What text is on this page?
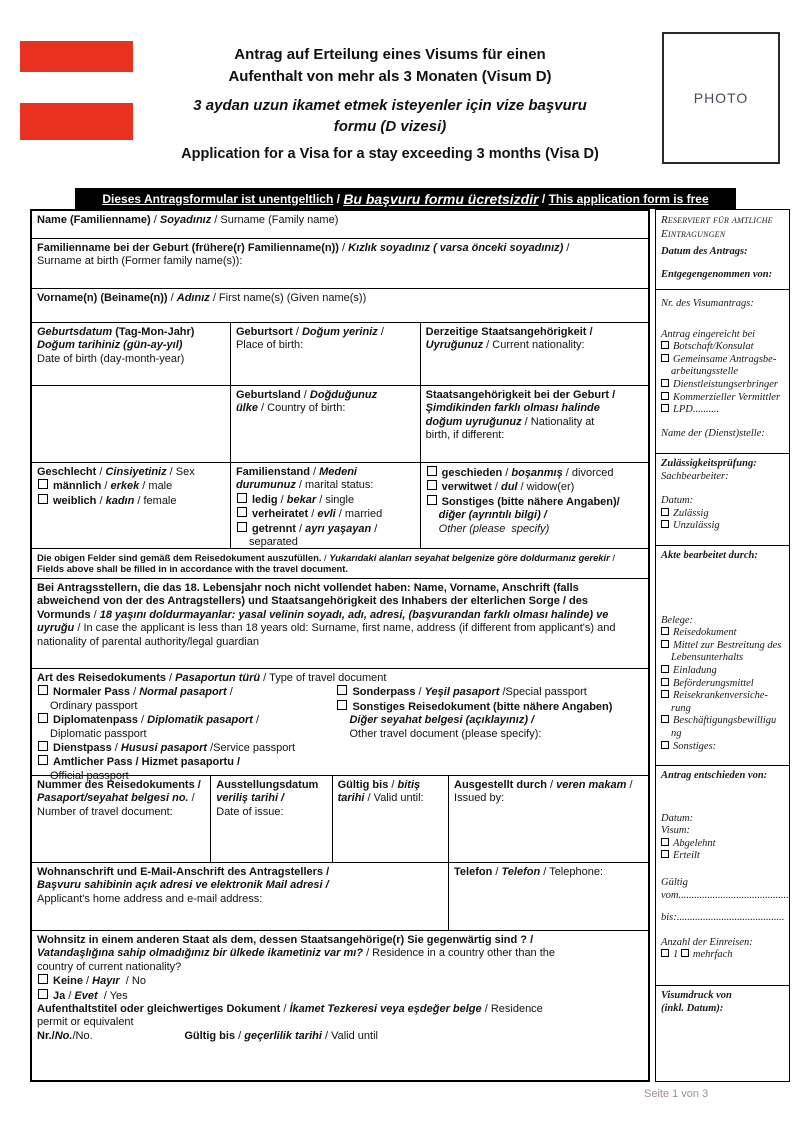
Antrag auf Erteilung eines Visums für einen
Aufenthalt von mehr als 3 Monaten (Visum D)
3 aydan uzun ikamet etmek isteyenler için vize başvuru
formu (D vizesi)
Application for a Visa for a stay exceeding 3 months (Visa D)
PHOTO
Dieses Antragsformular ist unentgeltlich / Bu başvuru formu ücretsizdir / This application form is free
Name (Familienname) / Soyadınız / Surname (Family name)
Familienname bei der Geburt (frühere(r) Familienname(n)) / Kızlık soyadınız ( varsa önceki soyadınız) /
Surname at birth (Former family name(s)):
Vorname(n) (Beiname(n)) / Adınız / First name(s) (Given name(s))
Geburtsdatum (Tag-Mon-Jahr)
Doğum tarihiniz (gün-ay-yıl)
Date of birth (day-month-year)
Geburtsort / Doğum yeriniz /
Place of birth:
Derzeitige Staatsangehörigkeit /
Uyruğunuz / Current nationality:
Geburtsland / Doğduğunuz
ülke / Country of birth:
Staatsangehörigkeit bei der Geburt /
Şimdikinden farklı olması halinde
doğum uyruğunuz / Nationality at
birth, if different:
Geschlecht / Cinsiyetiniz / Sex
männlich / erkek / male
weiblich / kadın / female
Familienstand / Medeni
durumunuz / marital status:
ledig / bekar / single
verheiratet / evli / married
getrennt / ayrı yaşayan /
separated
geschieden / boşanmış / divorced
verwitwet / dul / widow(er)
Sonstiges (bitte nähere Angaben)/
diğer (ayrıntılı bilgi) /
Other (please  specify)
Die obigen Felder sind gemäß dem Reisedokument auszufüllen. / Yukarıdaki alanları seyahat belgenize göre doldurmanız gerekir / Fields above shall be filled in in accordance with the travel document.
Bei Antragsstellern, die das 18. Lebensjahr noch nicht vollendet haben: Name, Vorname, Anschrift (falls abweichend von der des Antragstellers) und Staatsangehörigkeit des Inhabers der elterlichen Sorge / des Vormunds / 18 yaşını doldurmayanlar: yasal velinin soyadı, adı, adresi, (başvurandan farklı olması halinde) ve uyruğu / In case the applicant is less than 18 years old: Surname, first name, address (if different from applicant's) and nationality of parental authority/legal guardian
Art des Reisedokuments / Pasaportun türü / Type of travel document
Normaler Pass / Normal pasaport /
Ordinary passport
Diplomatenpass / Diplomatik pasaport /
Diplomatic passport
Dienstpass / Hususi pasaport /Service passport
Amtlicher Pass / Hizmet pasaportu /
Official passport
Sonderpass / Yeşil pasaport /Special passport
Sonstiges Reisedokument (bitte nähere Angaben)
Diğer seyahat belgesi (açıklayınız) /
Other travel document (please specify):
Nummer des Reisedokuments /
Pasaport/seyahat belgesi no. / Number of travel document:
Ausstellungsdatum
veriliş tarihi /
Date of issue:
Gültig bis / bitiş tarihi / Valid until:
Ausgestellt durch / veren makam / Issued by:
Wohnanschrift und E-Mail-Anschrift des Antragstellers /
Başvuru sahibinin açık adresi ve elektronik Mail adresi /
Applicant's home address and e-mail address:
Telefon / Telefon / Telephone:
Wohnsitz in einem anderen Staat als dem, dessen Staatsangehörige(r) Sie gegenwärtig sind ? /
Vatandaşlığına sahip olmadığınız bir ülkede ikametiniz var mı? / Residence in a country other than the
country of current nationality?
Keine / Hayır  / No
Ja / Evet  / Yes
Aufenthaltstitel oder gleichwertiges Dokument / İkamet Tezkeresi veya eşdeğer belge / Residence
permit or equivalent
Nr./No./No.	Gültig bis / geçerlilik tarihi / Valid until
Reserviert für amtliche
Eintragungen
Datum des Antrags:
Entgegengenommen von:
Nr. des Visumantrags:
Antrag eingereicht bei
Botschaft/Konsulat
Gemeinsame Antragsbe-
arbeitungsstelle
Dienstleistungserbringer
Kommerzieller Vermittler
LPD..........
Name der (Dienst)stelle:
Zulässigkeitsprüfung:
Sachbearbeiter:
Datum:
Zulässig
Unzulässig
Akte bearbeitet durch:
Belege:
Reisedokument
Mittel zur Bestreitung des
Lebensunterhalts
Einladung
Beförderungsmittel
Reisekrankenversiche-
rung
Beschäftigungsbewilligu
ng
Sonstiges:
Antrag entschieden von:
Datum:
Visum:
Abgelehnt
Erteilt
Gültig
vom..........................................
bis:.........................................
Anzahl der Einreisen:
1 mehrfach
Visumdruck von
(inkl. Datum):
Seite 1 von 3
